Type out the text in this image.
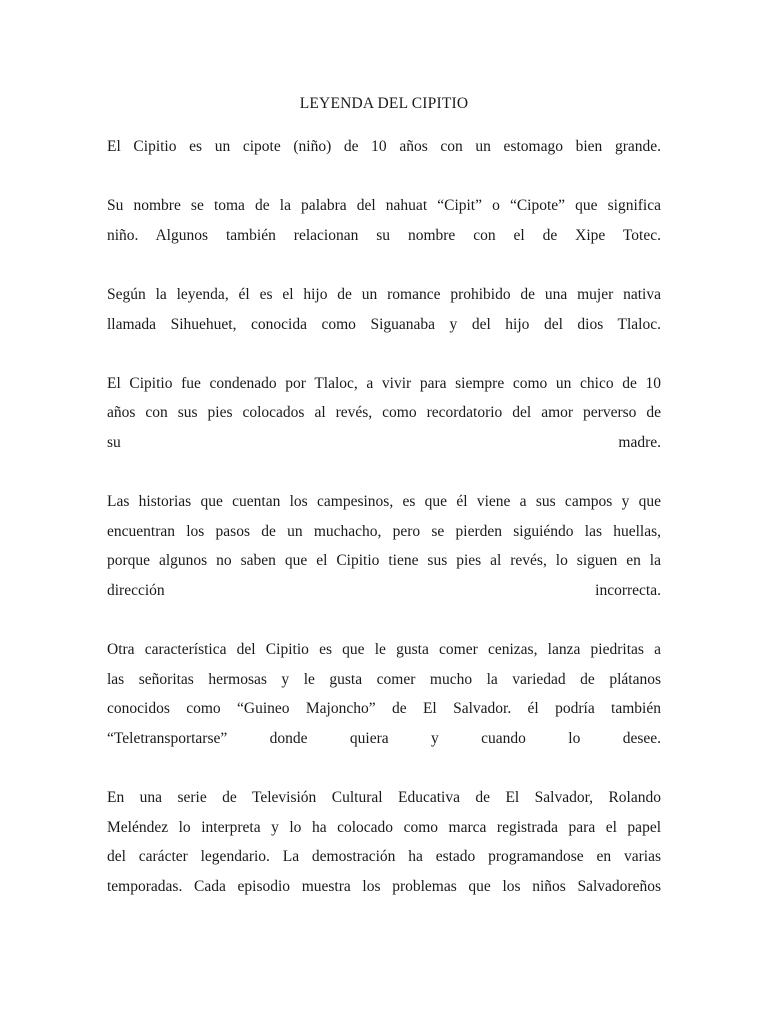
LEYENDA DEL CIPITIO
El Cipitio es un cipote (niño) de 10 años con un estomago bien grande.
Su nombre se toma de la palabra del nahuat “Cipit” o “Cipote” que significa
niño. Algunos también relacionan su nombre con el de Xipe Totec.
Según la leyenda, él es el hijo de un romance prohibido de una mujer nativa
llamada Sihuehuet, conocida como Siguanaba y del hijo del dios Tlaloc.
El Cipitio fue condenado por Tlaloc, a vivir para siempre como un chico de 10
años con sus pies colocados al revés, como recordatorio del amor perverso de
su madre.
Las historias que cuentan los campesinos, es que él viene a sus campos y que
encuentran los pasos de un muchacho, pero se pierden siguiéndo las huellas,
porque algunos no saben que el Cipitio tiene sus pies al revés, lo siguen en la
dirección incorrecta.
Otra característica del Cipitio es que le gusta comer cenizas, lanza piedritas a
las señoritas hermosas y le gusta comer mucho la variedad de plátanos
conocidos como “Guineo Majoncho” de El Salvador. él podría también
“Teletransportarse” donde quiera y cuando lo desee.
En una serie de Televisión Cultural Educativa de El Salvador, Rolando
Meléndez lo interpreta y lo ha colocado como marca registrada para el papel
del carácter legendario. La demostración ha estado programandose en varias
temporadas. Cada episodio muestra los problemas que los niños Salvadoreños
